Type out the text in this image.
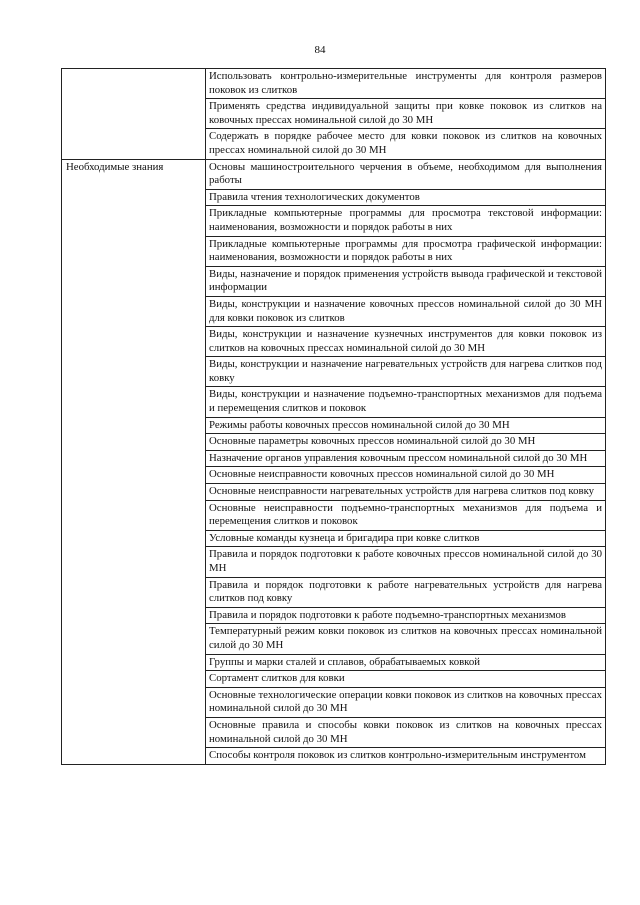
84
	Использовать контрольно-измерительные инструменты для контроля размеров поковок из слитков
	Применять средства индивидуальной защиты при ковке поковок из слитков на ковочных прессах номинальной силой до 30 МН
	Содержать в порядке рабочее место для ковки поковок из слитков на ковочных прессах номинальной силой до 30 МН
Необходимые знания	Основы машиностроительного черчения в объеме, необходимом для выполнения работы
	Правила чтения технологических документов
	Прикладные компьютерные программы для просмотра текстовой информации: наименования, возможности и порядок работы в них
	Прикладные компьютерные программы для просмотра графической информации: наименования, возможности и порядок работы в них
	Виды, назначение и порядок применения устройств вывода графической и текстовой информации
	Виды, конструкции и назначение ковочных прессов номинальной силой до 30 МН для ковки поковок из слитков
	Виды, конструкции и назначение кузнечных инструментов для ковки поковок из слитков на ковочных прессах номинальной силой до 30 МН
	Виды, конструкции и назначение нагревательных устройств для нагрева слитков под ковку
	Виды, конструкции и назначение подъемно-транспортных механизмов для подъема и перемещения слитков и поковок
	Режимы работы ковочных прессов номинальной силой до 30 МН
	Основные параметры ковочных прессов номинальной силой до 30 МН
	Назначение органов управления ковочным прессом номинальной силой до 30 МН
	Основные неисправности ковочных прессов номинальной силой до 30 МН
	Основные неисправности нагревательных устройств для нагрева слитков под ковку
	Основные неисправности подъемно-транспортных механизмов для подъема и перемещения слитков и поковок
	Условные команды кузнеца и бригадира при ковке слитков
	Правила и порядок подготовки к работе ковочных прессов номинальной силой до 30 МН
	Правила и порядок подготовки к работе нагревательных устройств для нагрева слитков под ковку
	Правила и порядок подготовки к работе подъемно-транспортных механизмов
	Температурный режим ковки поковок из слитков на ковочных прессах номинальной силой до 30 МН
	Группы и марки сталей и сплавов, обрабатываемых ковкой
	Сортамент слитков для ковки
	Основные технологические операции ковки поковок из слитков на ковочных прессах номинальной силой до 30 МН
	Основные правила и способы ковки поковок из слитков на ковочных прессах номинальной силой до 30 МН
	Способы контроля поковок из слитков контрольно-измерительным инструментом
